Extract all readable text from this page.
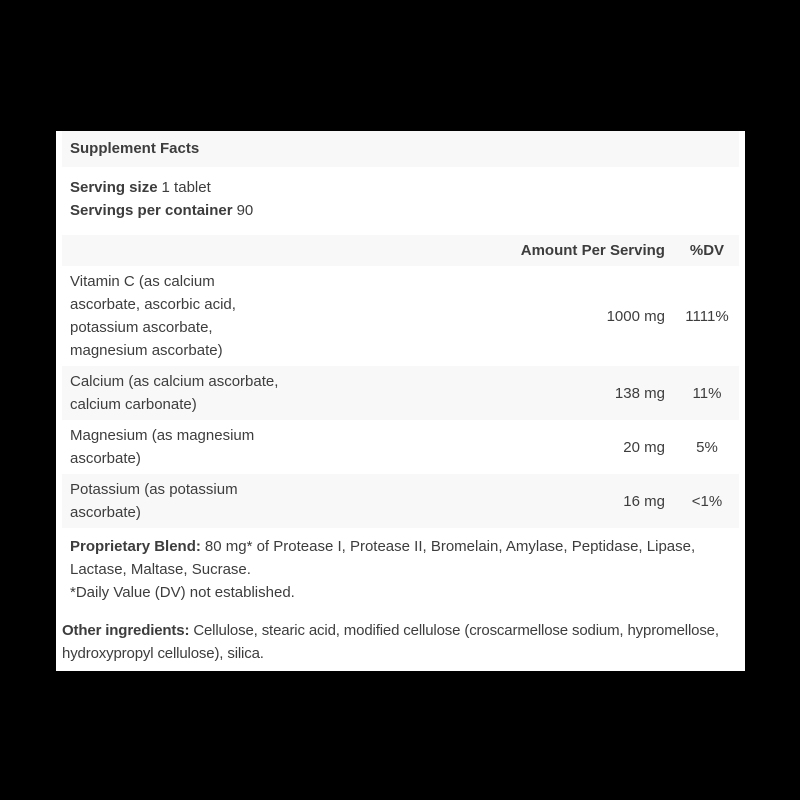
Supplement Facts		

Serving size 1 tablet
Servings per container 90		

	Amount Per Serving	%DV
Vitamin C (as calcium ascorbate, ascorbic acid, potassium ascorbate, magnesium ascorbate)	1000 mg	1111%
Calcium (as calcium ascorbate, calcium carbonate)	138 mg	11%
Magnesium (as magnesium ascorbate)	20 mg	5%
Potassium (as potassium ascorbate)	16 mg	<1%

Proprietary Blend: 80 mg* of Protease I, Protease II, Bromelain, Amylase, Peptidase, Lipase, Lactase, Maltase, Sucrase.
*Daily Value (DV) not established.		

Other ingredients: Cellulose, stearic acid, modified cellulose (croscarmellose sodium, hypromellose, hydroxypropyl cellulose), silica.
